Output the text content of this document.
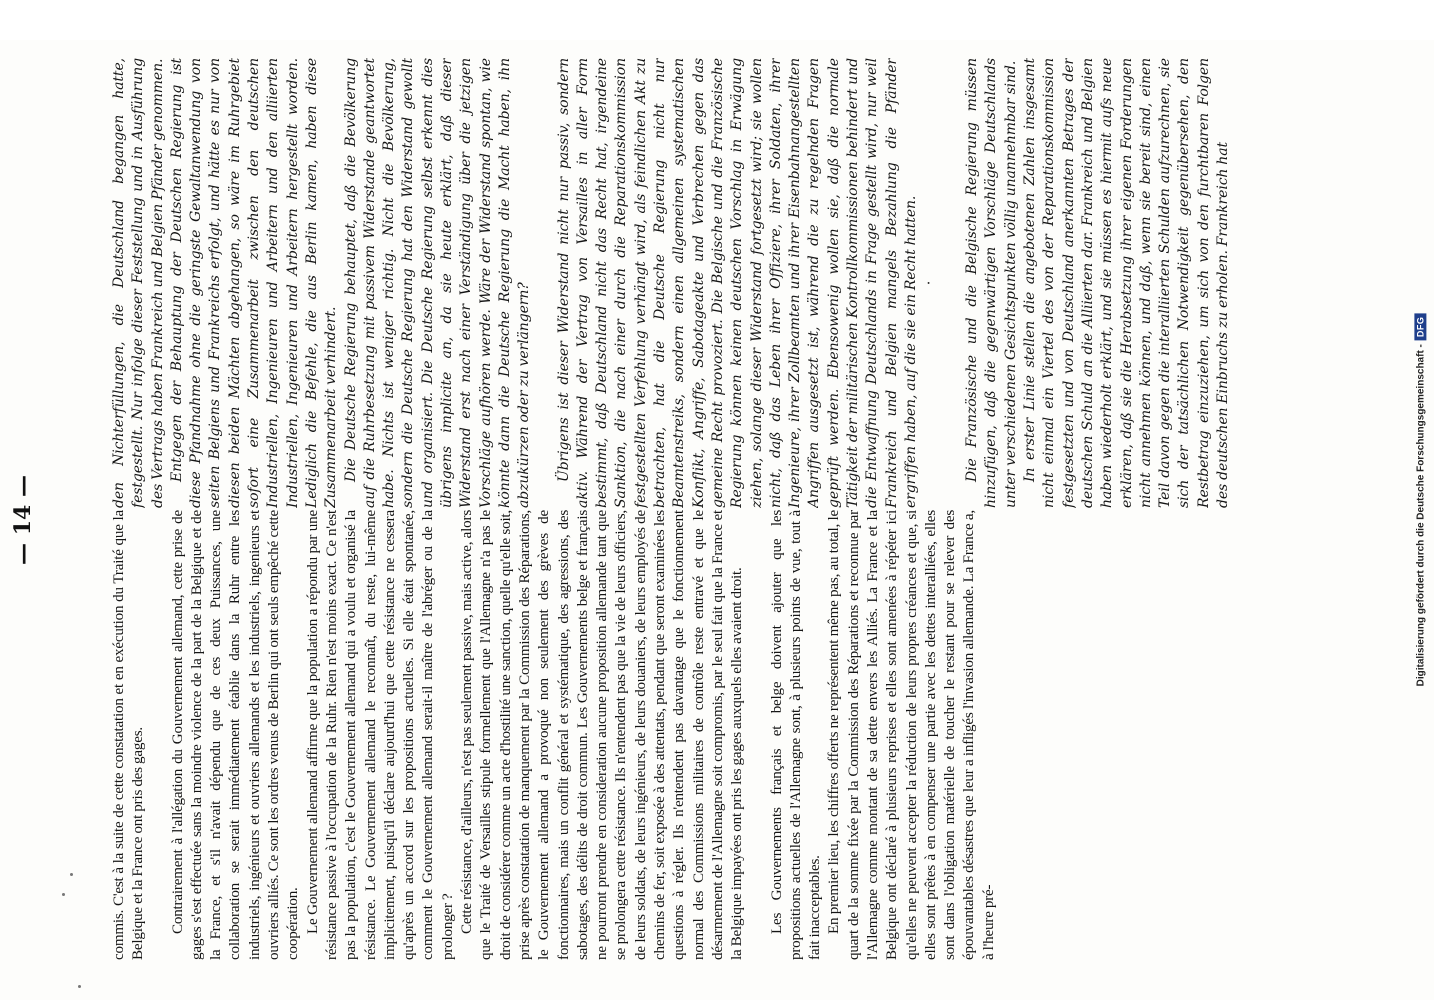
— 14 —	commis. C'est à la suite de cette constatation et en exécution du Traité que la Belgique et la France ont pris des gages. Contrairement à l'allégation du Gouvernement allemand, cette prise de gages s'est effectuée sans la moindre violence de la part de la Belgique et de la France, et s'il n'avait dépendu que de ces deux Puissances, une collaboration se serait immédiatement établie dans la Ruhr entre les industriels, ingénieurs et ouvriers allemands et les industriels, ingenieurs et ouvriers alliés. Ce sont les ordres venus de Berlin qui ont seuls empêché cette coopération. Le Gouvernement allemand affirme que la population a répondu par une résistance passive à l'occupation de la Ruhr. Rien n'est moins exact. Ce n'est pas la population, c'est le Gouvernement allemand qui a voulu et organisé la résistance. Le Gouvernement allemand le reconnaît, du reste, lui-même implicitement, puisqu'il déclare aujourd'hui que cette résistance ne cessera qu'après un accord sur les propositions actuelles. Si elle était spontanée, comment le Gouvernement allemand serait-il maître de l'abréger ou de la prolonger ? Cette résistance, d'ailleurs, n'est pas seulement passive, mais active, alors que le Traité de Versailles stipule formellement que l'Allemagne n'a pas le droit de considérer comme un acte d'hostilité une sanction, quelle qu'elle soit, prise après constatation de manquement par la Commission des Réparations, le Gouvernement allemand a provoqué non seulement des grèves de fonctionnaires, mais un conflit général et systématique, des agressions, des sabotages, des délits de droit commun. Les Gouvernements belge et français ne pourront prendre en consideration aucune proposition allemande tant que se prolongera cette résistance. Ils n'entendent pas que la vie de leurs officiers, de leurs soldats, de leurs ingénieurs, de leurs douaniers, de leurs employés de chemins de fer, soit exposée à des attentats, pendant que seront examinées les questions à régler. Ils n'entendent pas davantage que le fonctionnement normal des Commissions militaires de contrôle reste entravé et que le désarmement de l'Allemagne soit compromis, par le seul fait que la France et la Belgique impayées ont pris les gages auxquels elles avaient droit. Les Gouvernements français et belge doivent ajouter que les propositions actuelles de l'Allemagne sont, à plusieurs points de vue, tout à fait inacceptables. En premier lieu, les chiffres offerts ne représentent même pas, au total, le quart de la somme fixée par la Commission des Réparations et reconnue par l'Allemagne comme montant de sa dette envers les Alliés. La France et la Belgique ont déclaré à plusieurs reprises et elles sont amenées à répéter ici qu'elles ne peuvent accepter la réduction de leurs propres créances et que, si elles sont prêtes à en compenser une partie avec les dettes interalliées, elles sont dans l'obligation matérielle de toucher le restant pour se relever des épouvantables désastres que leur a infligés l'invasion allemande. La France a, à l'heure pré-

den Nichterfüllungen, die Deutschland begangen hatte, festgestellt. Nur infolge dieser Feststellung und in Ausführung des Vertrags haben Frankreich und Belgien Pfänder genommen. Entgegen der Behauptung der Deutschen Regierung ist diese Pfandnahme ohne die geringste Gewaltanwendung von seiten Belgiens und Frankreichs erfolgt, und hätte es nur von diesen beiden Mächten abgehangen, so wäre im Ruhrgebiet sofort eine Zusammenarbeit zwischen den deutschen Industriellen, Ingenieuren und Arbeitern und den alliierten Industriellen, Ingenieuren und Arbeitern hergestellt worden. Lediglich die Befehle, die aus Berlin kamen, haben diese Zusammenarbeit verhindert. Die Deutsche Regierung behauptet, daß die Bevölkerung auf die Ruhrbesetzung mit passivem Widerstande geantwortet habe. Nichts ist weniger richtig. Nicht die Bevölkerung, sondern die Deutsche Regierung hat den Widerstand gewollt und organisiert. Die Deutsche Regierung selbst erkennt dies übrigens implicite an, da sie heute erklärt, daß dieser Widerstand erst nach einer Verständigung über die jetzigen Vorschläge aufhören werde. Wäre der Widerstand spontan, wie könnte dann die Deutsche Regierung die Macht haben, ihn abzukürzen oder zu verlängern? Übrigens ist dieser Widerstand nicht nur passiv, sondern aktiv. Während der Vertrag von Versailles in aller Form bestimmt, daß Deutschland nicht das Recht hat, irgendeine Sanktion, die nach einer durch die Reparationskommission festgestellten Verfehlung verhängt wird, als feindlichen Akt zu betrachten, hat die Deutsche Regierung nicht nur Beamtenstreiks, sondern einen allgemeinen systematischen Konflikt, Angriffe, Sabotageakte und Verbrechen gegen das gemeine Recht provoziert. Die Belgische und die Französische Regierung können keinen deutschen Vorschlag in Erwägung ziehen, solange dieser Widerstand fortgesetzt wird; sie wollen nicht, daß das Leben ihrer Offiziere, ihrer Soldaten, ihrer Ingenieure, ihrer Zollbeamten und ihrer Eisenbahnangestellten Angriffen ausgesetzt ist, während die zu regelnden Fragen geprüft werden. Ebensowenig wollen sie, daß die normale Tätigkeit der militärischen Kontrollkommissionen behindert und die Entwaffnung Deutschlands in Frage gestellt wird, nur weil Frankreich und Belgien mangels Bezahlung die Pfänder ergriffen haben, auf die sie ein Recht hatten. ·	Die Französische und die Belgische Regierung müssen hinzufügen, daß die gegenwärtigen Vorschläge Deutschlands unter verschiedenen Gesichtspunkten völlig unannehmbar sind. In erster Linie stellen die angebotenen Zahlen insgesamt nicht einmal ein Viertel des von der Reparationskommission festgesetzten und von Deutschland anerkannten Betrages der deutschen Schuld an die Alliierten dar. Frankreich und Belgien haben wiederholt erklärt, und sie müssen es hiermit aufs neue erklären, daß sie die Herabsetzung ihrer eigenen Forderungen nicht annehmen können, und daß, wenn sie bereit sind, einen Teil davon gegen die interalliierten Schulden aufzurechnen, sie sich der tatsächlichen Notwendigkeit gegenübersehen, den Restbetrag einzuziehen, um sich von den furchtbaren Folgen des deutschen Einbruchs zu erholen. Frankreich hat

Digitalisierung gefördert durch die Deutsche Forschungsgemeinschaft -
DFG
